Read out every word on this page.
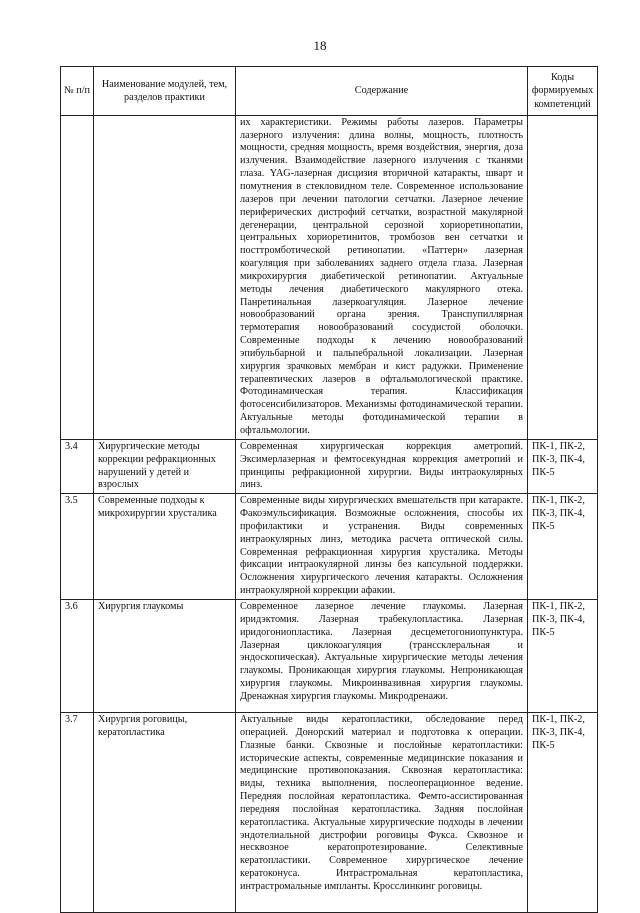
18
№ п/п	Наименование модулей, тем, разделов практики	Содержание	Коды формируемых компетенций
		их характеристики. Режимы работы лазеров. Параметры лазерного излучения: длина волны, мощность, плотность мощности, средняя мощность, время воздействия, энергия, доза излучения. Взаимодействие лазерного излучения с тканями глаза. YAG-лазерная дисцизия вторичной катаракты, шварт и помутнения в стекловидном теле. Современное использование лазеров при лечении патологии сетчатки. Лазерное лечение периферических дистрофий сетчатки, возрастной макулярной дегенерации, центральной серозной хориоретинопатии, центральных хориоретинитов, тромбозов вен сетчатки и посттромботической ретинопатии. «Паттерн» лазерная коагуляция при заболеваниях заднего отдела глаза. Лазерная микрохирургия диабетической ретинопатии. Актуальные методы лечения диабетического макулярного отека. Панретинальная лазеркоагуляция. Лазерное лечение новообразований органа зрения. Транспупиллярная термотерапия новообразований сосудистой оболочки. Современные подходы к лечению новообразований эпибульбарной и пальпебральной локализации. Лазерная хирургия зрачковых мембран и кист радужки. Применение терапевтических лазеров в офтальмологической практике. Фотодинамическая терапия. Классификация фотосенсибилизаторов. Механизмы фотодинамической терапии. Актуальные методы фотодинамической терапии в офтальмологии.	
3.4	Хирургические методы коррекции рефракционных нарушений у детей и взрослых	Современная хирургическая коррекция аметропий. Эксимерлазерная и фемтосекундная коррекция аметропий и принципы рефракционной хирургии. Виды интраокулярных линз.	ПК-1, ПК-2, ПК-3, ПК-4, ПК-5
3.5	Современные подходы к микрохирургии хрусталика	Современные виды хирургических вмешательств при катаракте. Факоэмульсификация. Возможные осложнения, способы их профилактики и устранения. Виды современных интраокулярных линз, методика расчета оптической силы. Современная рефракционная хирургия хрусталика. Методы фиксации интраокулярной линзы без капсульной поддержки. Осложнения хирургического лечения катаракты. Осложнения интраокулярной коррекции афакии.	ПК-1, ПК-2, ПК-3, ПК-4, ПК-5
3.6	Хирургия глаукомы	Современное лазерное лечение глаукомы. Лазерная иридэктомия. Лазерная трабекулопластика. Лазерная иридогониопластика. Лазерная десцеметогониопунктура. Лазерная циклокоагуляция (транссклеральная и эндоскопическая). Актуальные хирургические методы лечения глаукомы. Проникающая хирургия глаукомы. Непроникающая хирургия глаукомы. Микроинвазивная хирургия глаукомы. Дренажная хирургия глаукомы. Микродренажи.	ПК-1, ПК-2, ПК-3, ПК-4, ПК-5
3.7	Хирургия роговицы, кератопластика	Актуальные виды кератопластики, обследование перед операцией. Донорский материал и подготовка к операции. Глазные банки. Сквозные и послойные кератопластики: исторические аспекты, современные медицинские показания и медицинские противопоказания. Сквозная кератопластика: виды, техника выполнения, послеоперационное ведение. Передняя послойная кератопластика. Фемто-ассистированная передняя послойная кератопластика. Задняя послойная кератопластика. Актуальные хирургические подходы в лечении эндотелиальной дистрофии роговицы Фукса. Сквозное и несквозное кератопротезирование. Селективные кератопластики. Современное хирургическое лечение кератоконуса. Интрастромальная кератопластика, интрастромальные импланты. Кросслинкинг роговицы.	ПК-1, ПК-2, ПК-3, ПК-4, ПК-5
